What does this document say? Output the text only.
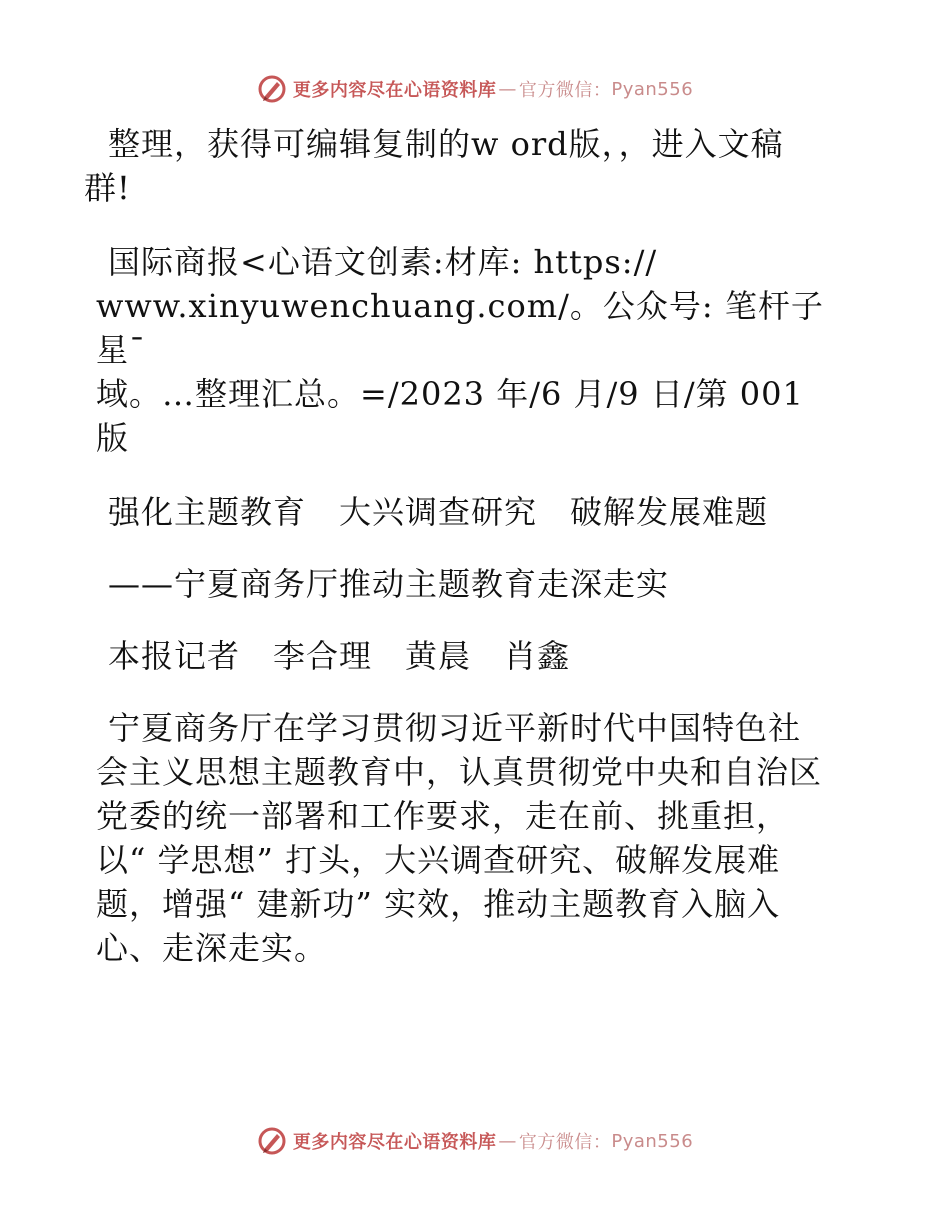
更多内容尽在心语资料库 — 官方微信： Pyan556
整理，获得可编辑复制的w ord版，，进入文稿
群!
国际商报<心语文创素:材库: https://
www.xinyuwenchuang.com/。公众号: 笔杆子星¯
域。…整理汇总。=/2023 年/6 月/9 日/第 001
版
强化主题教育　大兴调查研究　破解发展难题
——宁夏商务厅推动主题教育走深走实
本报记者　李合理　黄晨　肖鑫
宁夏商务厅在学习贯彻习近平新时代中国特色社
会主义思想主题教育中，认真贯彻党中央和自治区
党委的统一部署和工作要求，走在前、挑重担，
以“ 学思想” 打头，大兴调查研究、破解发展难
题，增强“ 建新功” 实效，推动主题教育入脑入
心、走深走实。
更多内容尽在心语资料库 — 官方微信： Pyan556
